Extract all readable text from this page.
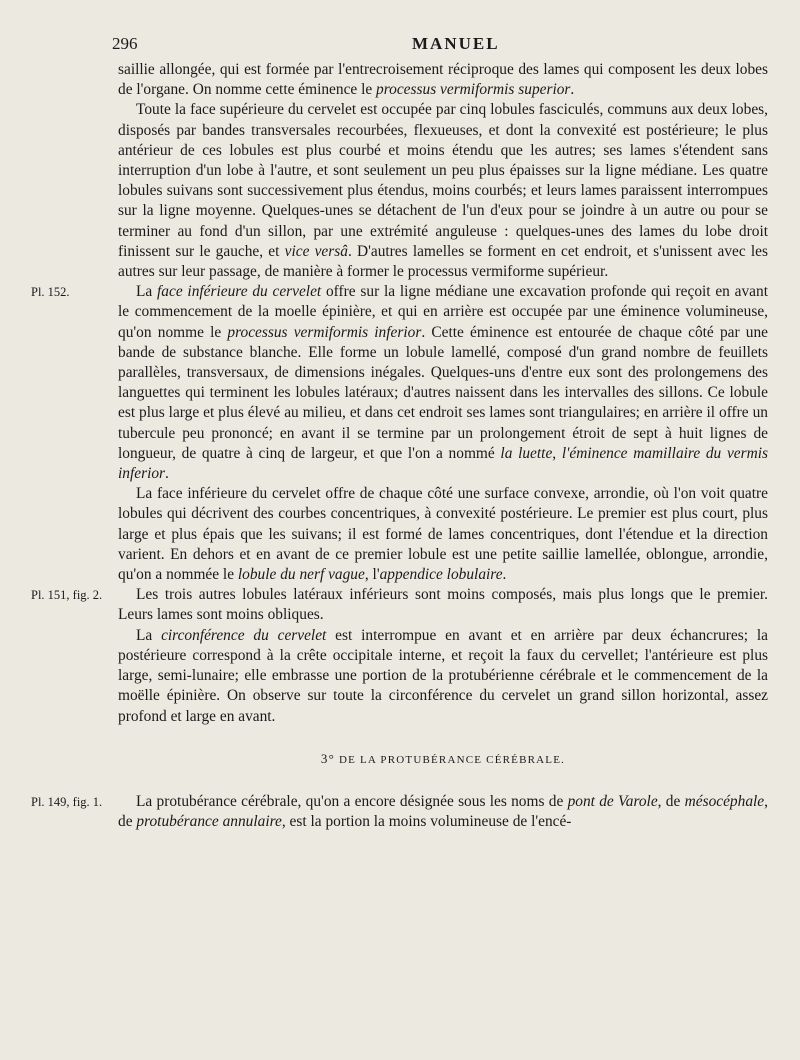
296	MANUEL

saillie allongée, qui est formée par l'entrecroisement réciproque des lames qui composent les deux lobes de l'organe. On nomme cette éminence le processus vermiformis superior.

Toute la face supérieure du cervelet est occupée par cinq lobules fasciculés, communs aux deux lobes, disposés par bandes transversales recourbées, flexueuses, et dont la convexité est postérieure; le plus antérieur de ces lobules est plus courbé et moins étendu que les autres; ses lames s'étendent sans interruption d'un lobe à l'autre, et sont seulement un peu plus épaisses sur la ligne médiane. Les quatre lobules suivans sont successivement plus étendus, moins courbés; et leurs lames paraissent interrompues sur la ligne moyenne. Quelques-unes se détachent de l'un d'eux pour se joindre à un autre ou pour se terminer au fond d'un sillon, par une extrémité anguleuse : quelques-unes des lames du lobe droit finissent sur le gauche, et vice versâ. D'autres lamelles se forment en cet endroit, et s'unissent avec les autres sur leur passage, de manière à former le processus vermiforme supérieur.

Pl. 152.	La face inférieure du cervelet offre sur la ligne médiane une excavation profonde qui reçoit en avant le commencement de la moelle épinière, et qui en arrière est occupée par une éminence volumineuse, qu'on nomme le processus vermiformis inferior. Cette éminence est entourée de chaque côté par une bande de substance blanche. Elle forme un lobule lamellé, composé d'un grand nombre de feuillets parallèles, transversaux, de dimensions inégales. Quelques-uns d'entre eux sont des prolongemens des languettes qui terminent les lobules latéraux; d'autres naissent dans les intervalles des sillons. Ce lobule est plus large et plus élevé au milieu, et dans cet endroit ses lames sont triangulaires; en arrière il offre un tubercule peu prononcé; en avant il se termine par un prolongement étroit de sept à huit lignes de longueur, de quatre à cinq de largeur, et que l'on a nommé la luette, l'éminence mamillaire du vermis inferior.

La face inférieure du cervelet offre de chaque côté une surface convexe, arrondie, où l'on voit quatre lobules qui décrivent des courbes concentriques, à convexité postérieure. Le premier est plus court, plus large et plus épais que les suivans; il est formé de lames concentriques, dont l'étendue et la direction varient. En dehors et en avant de ce premier lobule est une petite saillie lamellée, oblongue, arrondie, qu'on a nommée le lobule du nerf vague, l'appendice lobulaire.

Pl. 151, fig. 2.	Les trois autres lobules latéraux inférieurs sont moins composés, mais plus longs que le premier. Leurs lames sont moins obliques.

La circonférence du cervelet est interrompue en avant et en arrière par deux échancrures; la postérieure correspond à la crête occipitale interne, et reçoit la faux du cervellet; l'antérieure est plus large, semi-lunaire; elle embrasse une portion de la protubérienne cérébrale et le commencement de la moëlle épinière. On observe sur toute la circonférence du cervelet un grand sillon horizontal, assez profond et large en avant.

3° DE LA PROTUBÉRANCE CÉRÉBRALE.

Pl. 149, fig. 1.	La protubérance cérébrale, qu'on a encore désignée sous les noms de pont de Varole, de mésocéphale, de protubérance annulaire, est la portion la moins volumineuse de l'encé-
